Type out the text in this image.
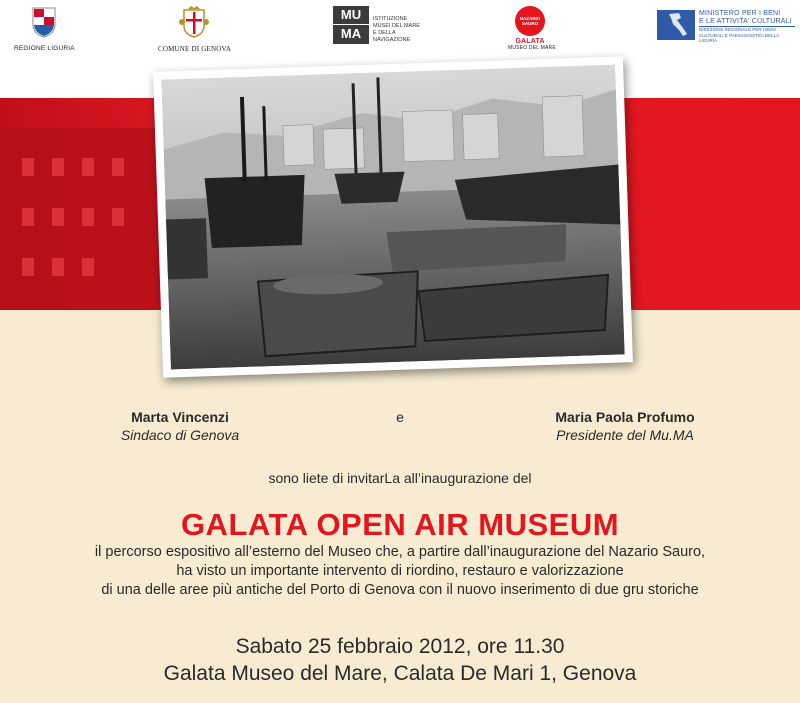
REGIONE LIGURIA	COMUNE DI GENOVA
MU
MA
ISTITUZIONE MUSEI DEL MARE E DELLA NAVIGAZIONE
NAZARIO SAURO
GALATA
MUSEO DEL MARE
MIBAC
MINISTERO PER I BENI
E LE ATTIVITA' CULTURALI
DIREZIONE REGIONALE PER I BENI CULTURALI E PAESAGGISTICI DELLA LIGURIA
Marta Vincenzi
Sindaco di Genova
e	Maria Paola Profumo
Presidente del Mu.MA
sono liete di invitarLa all’inaugurazione del
GALATA OPEN AIR MUSEUM
il percorso espositivo all’esterno del Museo che, a partire dall’inaugurazione del Nazario Sauro,
ha visto un importante intervento di riordino, restauro e valorizzazione
di una delle aree più antiche del Porto di Genova con il nuovo inserimento di due gru storiche
Sabato 25 febbraio 2012, ore 11.30
Galata Museo del Mare, Calata De Mari 1, Genova
